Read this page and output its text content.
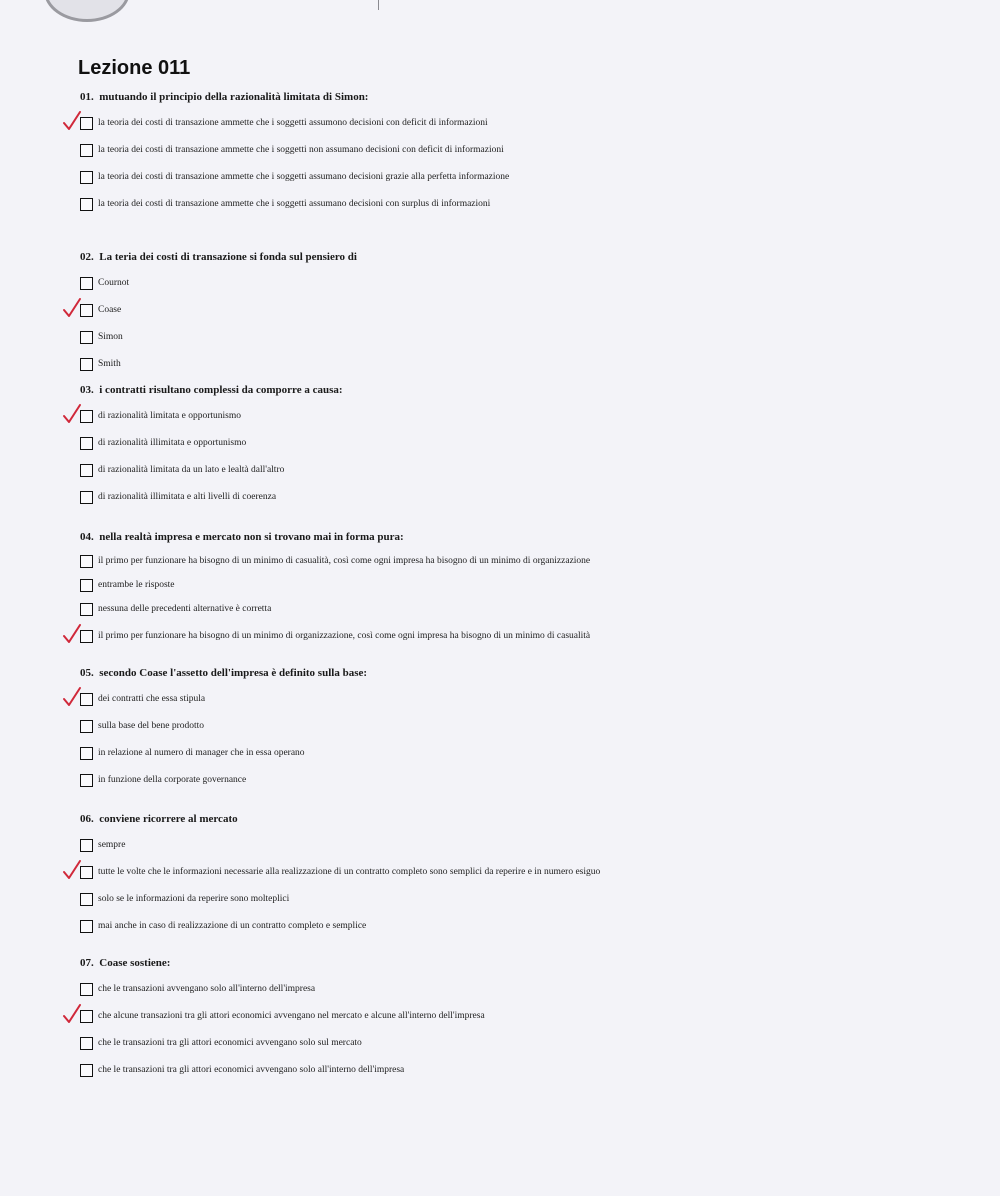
Lezione 011
01. mutuando il principio della razionalità limitata di Simon:
la teoria dei costi di transazione ammette che i soggetti assumono decisioni con deficit di informazioni
la teoria dei costi di transazione ammette che i soggetti non assumano decisioni con deficit di informazioni
la teoria dei costi di transazione ammette che i soggetti assumano decisioni grazie alla perfetta informazione
la teoria dei costi di transazione ammette che i soggetti assumano decisioni con surplus di informazioni
02. La teria dei costi di transazione si fonda sul pensiero di
Cournot
Coase
Simon
Smith
03. i contratti risultano complessi da comporre a causa:
di razionalità limitata e opportunismo
di razionalità illimitata e opportunismo
di razionalità limitata da un lato e lealtà dall'altro
di razionalità illimitata e alti livelli di coerenza
04. nella realtà impresa e mercato non si trovano mai in forma pura:
il primo per funzionare ha bisogno di un minimo di casualità, così come ogni impresa ha bisogno di un minimo di organizzazione
entrambe le risposte
nessuna delle precedenti alternative è corretta
il primo per funzionare ha bisogno di un minimo di organizzazione, così come ogni impresa ha bisogno di un minimo di casualità
05. secondo Coase l'assetto dell'impresa è definito sulla base:
dei contratti che essa stipula
sulla base del bene prodotto
in relazione al numero di manager che in essa operano
in funzione della corporate governance
06. conviene ricorrere al mercato
sempre
tutte le volte che le informazioni necessarie alla realizzazione di un contratto completo sono semplici da reperire e in numero esiguo
solo se le informazioni da reperire sono molteplici
mai anche in caso di realizzazione di un contratto completo e semplice
07. Coase sostiene:
che le transazioni avvengano solo all'interno dell'impresa
che alcune transazioni tra gli attori economici avvengano nel mercato e alcune all'interno dell'impresa
che le transazioni tra gli attori economici avvengano solo sul mercato
che le transazioni tra gli attori economici avvengano solo all'interno dell'impresa
